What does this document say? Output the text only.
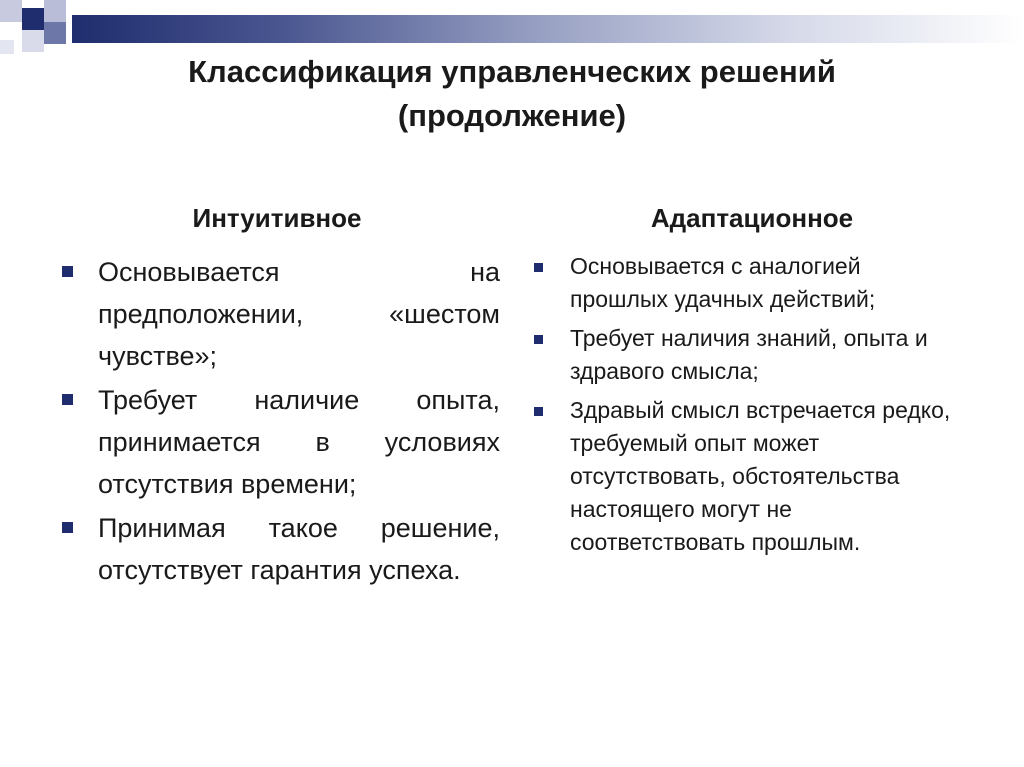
Классификация управленческих решений
(продолжение)
Интуитивное	Адаптационное
Основывается на предположении, «шестом чувстве»;
Требует наличие опыта, принимается в условиях отсутствия времени;
Принимая такое решение, отсутствует гарантия успеха.
Основывается с аналогией прошлых удачных действий;
Требует наличия знаний, опыта и здравого смысла;
Здравый смысл встречается редко, требуемый опыт может отсутствовать, обстоятельства настоящего могут не соответствовать прошлым.
